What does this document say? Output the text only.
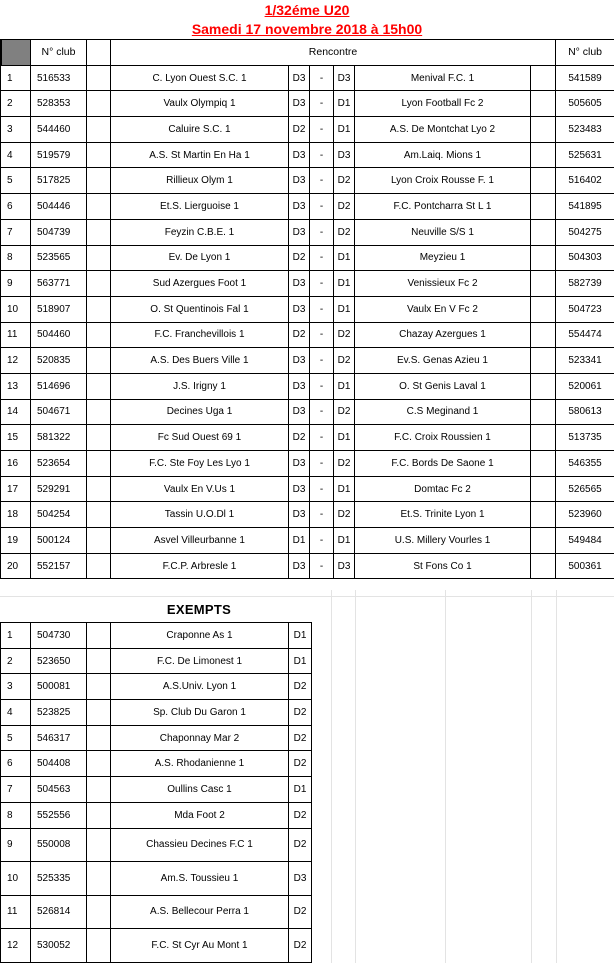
1/32éme U20
Samedi 17 novembre 2018 à 15h00
	N° club		Rencontre						N° club
1	516533		C. Lyon Ouest S.C. 1	D3	-	D3	Menival F.C. 1		541589
2	528353		Vaulx Olympiq 1	D3	-	D1	Lyon Football Fc 2		505605
3	544460		Caluire S.C. 1	D2	-	D1	A.S. De Montchat Lyo 2		523483
4	519579		A.S. St Martin En Ha 1	D3	-	D3	Am.Laiq. Mions 1		525631
5	517825		Rillieux Olym 1	D3	-	D2	Lyon Croix Rousse F. 1		516402
6	504446		Et.S. Lierguoise 1	D3	-	D2	F.C. Pontcharra St L 1		541895
7	504739		Feyzin C.B.E. 1	D3	-	D2	Neuville S/S 1		504275
8	523565		Ev. De Lyon 1	D2	-	D1	Meyzieu 1		504303
9	563771		Sud Azergues Foot 1	D3	-	D1	Venissieux Fc 2		582739
10	518907		O. St Quentinois Fal 1	D3	-	D1	Vaulx En V Fc 2		504723
11	504460		F.C. Franchevillois 1	D2	-	D2	Chazay Azergues 1		554474
12	520835		A.S. Des Buers Ville 1	D3	-	D2	Ev.S. Genas Azieu 1		523341
13	514696		J.S. Irigny 1	D3	-	D1	O. St Genis Laval 1		520061
14	504671		Decines Uga 1	D3	-	D2	C.S Meginand 1		580613
15	581322		Fc Sud Ouest 69 1	D2	-	D1	F.C. Croix Roussien 1		513735
16	523654		F.C. Ste Foy Les Lyo 1	D3	-	D2	F.C. Bords De Saone 1		546355
17	529291		Vaulx En V.Us 1	D3	-	D1	Domtac Fc 2		526565
18	504254		Tassin U.O.Dl 1	D3	-	D2	Et.S. Trinite Lyon 1		523960
19	500124		Asvel Villeurbanne 1	D1	-	D1	U.S. Millery Vourles 1		549484
20	552157		F.C.P. Arbresle 1	D3	-	D3	St Fons Co 1		500361
EXEMPTS
1	504730		Craponne As 1	D1
2	523650		F.C. De Limonest 1	D1
3	500081		A.S.Univ. Lyon 1	D2
4	523825		Sp. Club Du Garon 1	D2
5	546317		Chaponnay Mar 2	D2
6	504408		A.S. Rhodanienne 1	D2
7	504563		Oullins Casc 1	D1
8	552556		Mda Foot 2	D2
9	550008		Chassieu Decines F.C 1	D2
10	525335		Am.S. Toussieu 1	D3
11	526814		A.S. Bellecour Perra 1	D2
12	530052		F.C. St Cyr Au Mont 1	D2
